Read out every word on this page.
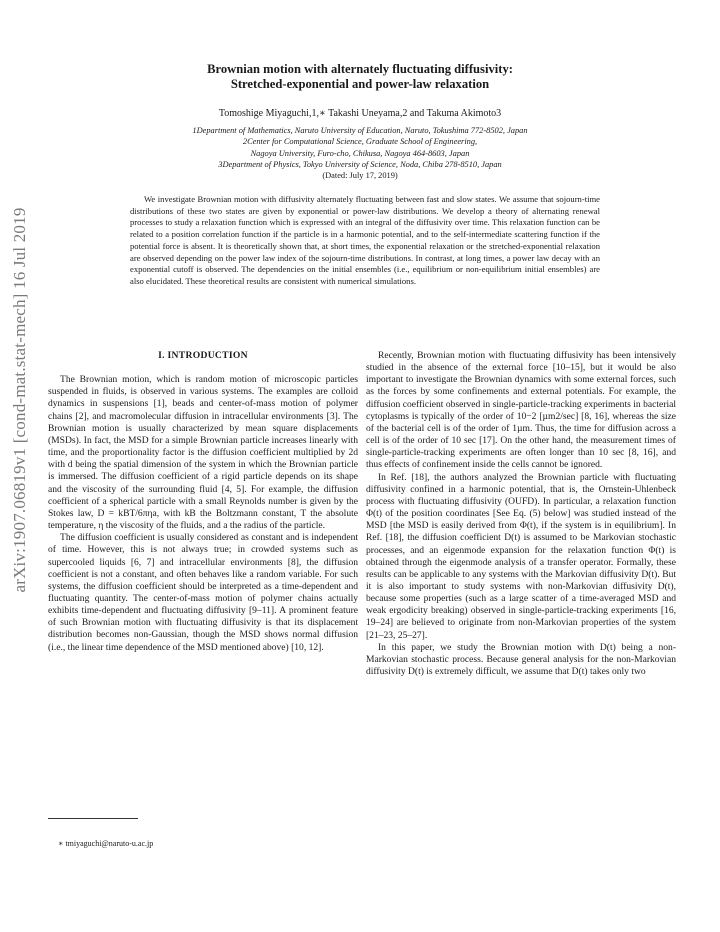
arXiv:1907.06819v1 [cond-mat.stat-mech] 16 Jul 2019
Brownian motion with alternately fluctuating diffusivity:
Stretched-exponential and power-law relaxation
Tomoshige Miyaguchi,1,∗ Takashi Uneyama,2 and Takuma Akimoto3
1Department of Mathematics, Naruto University of Education, Naruto, Tokushima 772-8502, Japan
2Center for Computational Science, Graduate School of Engineering,
Nagoya University, Furo-cho, Chikusa, Nagoya 464-8603, Japan
3Department of Physics, Tokyo University of Science, Noda, Chiba 278-8510, Japan
(Dated: July 17, 2019)

We investigate Brownian motion with diffusivity alternately fluctuating between fast and slow states. We assume that sojourn-time distributions of these two states are given by exponential or power-law distributions. We develop a theory of alternating renewal processes to study a relaxation function which is expressed with an integral of the diffusivity over time. This relaxation function can be related to a position correlation function if the particle is in a harmonic potential, and to the self-intermediate scattering function if the potential force is absent. It is theoretically shown that, at short times, the exponential relaxation or the stretched-exponential relaxation are observed depending on the power law index of the sojourn-time distributions. In contrast, at long times, a power law decay with an exponential cutoff is observed. The dependencies on the initial ensembles (i.e., equilibrium or non-equilibrium initial ensembles) are also elucidated. These theoretical results are consistent with numerical simulations.

I. INTRODUCTION

The Brownian motion, which is random motion of microscopic particles suspended in fluids, is observed in various systems. The examples are colloid dynamics in suspensions [1], beads and center-of-mass motion of polymer chains [2], and macromolecular diffusion in intracellular environments [3]. The Brownian motion is usually characterized by mean square displacements (MSDs). In fact, the MSD for a simple Brownian particle increases linearly with time, and the proportionality factor is the diffusion coefficient multiplied by 2d with d being the spatial dimension of the system in which the Brownian particle is immersed. The diffusion coefficient of a rigid particle depends on its shape and the viscosity of the surrounding fluid [4, 5]. For example, the diffusion coefficient of a spherical particle with a small Reynolds number is given by the Stokes law, D = kBT/6πηa, with kB the Boltzmann constant, T the absolute temperature, η the viscosity of the fluids, and a the radius of the particle.

The diffusion coefficient is usually considered as constant and is independent of time. However, this is not always true; in crowded systems such as supercooled liquids [6, 7] and intracellular environments [8], the diffusion coefficient is not a constant, and often behaves like a random variable. For such systems, the diffusion coefficient should be interpreted as a time-dependent and fluctuating quantity. The center-of-mass motion of polymer chains actually exhibits time-dependent and fluctuating diffusivity [9–11]. A prominent feature of such Brownian motion with fluctuating diffusivity is that its displacement distribution becomes non-Gaussian, though the MSD shows normal diffusion (i.e., the linear time dependence of the MSD mentioned above) [10, 12].

∗ tmiyaguchi@naruto-u.ac.jp

Recently, Brownian motion with fluctuating diffusivity has been intensively studied in the absence of the external force [10–15], but it would be also important to investigate the Brownian dynamics with some external forces, such as the forces by some confinements and external potentials. For example, the diffusion coefficient observed in single-particle-tracking experiments in bacterial cytoplasms is typically of the order of 10−2 [µm2/sec] [8, 16], whereas the size of the bacterial cell is of the order of 1µm. Thus, the time for diffusion across a cell is of the order of 10 sec [17]. On the other hand, the measurement times of single-particle-tracking experiments are often longer than 10 sec [8, 16], and thus effects of confinement inside the cells cannot be ignored.

In Ref. [18], the authors analyzed the Brownian particle with fluctuating diffusivity confined in a harmonic potential, that is, the Ornstein-Uhlenbeck process with fluctuating diffusivity (OUFD). In particular, a relaxation function Φ(t) of the position coordinates [See Eq. (5) below] was studied instead of the MSD [the MSD is easily derived from Φ(t), if the system is in equilibrium]. In Ref. [18], the diffusion coefficient D(t) is assumed to be Markovian stochastic processes, and an eigenmode expansion for the relaxation function Φ(t) is obtained through the eigenmode analysis of a transfer operator. Formally, these results can be applicable to any systems with the Markovian diffusivity D(t). But it is also important to study systems with non-Markovian diffusivity D(t), because some properties (such as a large scatter of a time-averaged MSD and weak ergodicity breaking) observed in single-particle-tracking experiments [16, 19–24] are believed to originate from non-Markovian properties of the system [21–23, 25–27].

In this paper, we study the Brownian motion with D(t) being a non-Markovian stochastic process. Because general analysis for the non-Markovian diffusivity D(t) is extremely difficult, we assume that D(t) takes only two
